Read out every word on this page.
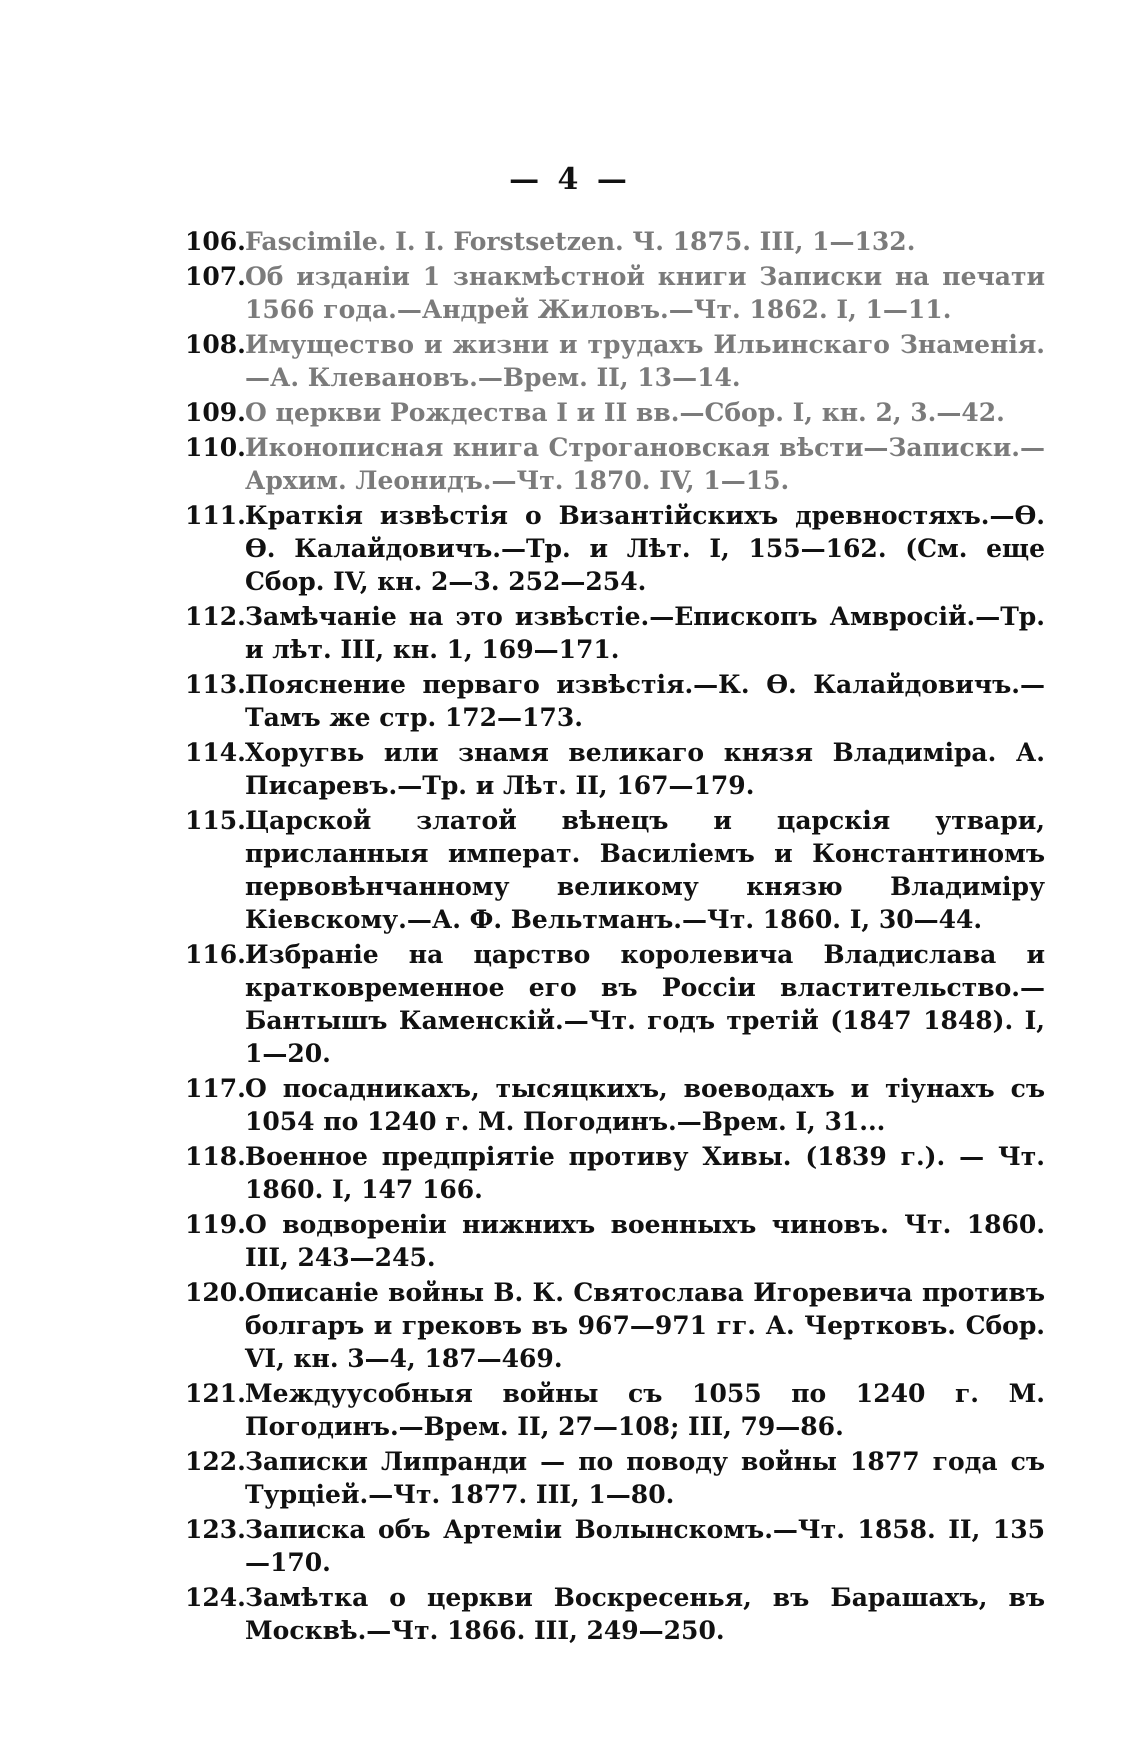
— 4 —
106. Fascimile. I. I. Forstsetzen. Ч. 1875. III, 1—132.
107. Об изданіи 1 знакмѣстной книги Записки на печати 1566 года.—Андрей Жиловъ.—Чт. 1862. I, 1—11.
108. Имущество и жизни и трудахъ Ильинскаго Знаменія.—А. Клевановъ.—Врем. II, 13—14.
109. О церкви Рождества I и II вв.—Сбор. I, кн. 2, 3.—42.
110. Иконописная книга Строгановская вѣсти—Записки.—Архим. Леонидъ.—Чт. 1870. IV, 1—15.
111. Краткія извѣстія о Византійскихъ древностяхъ.—Ѳ. Ѳ. Калайдовичъ.—Тр. и Лѣт. I, 155—162. (См. еще Сбор. IV, кн. 2—3. 252—254.
112. Замѣчаніе на это извѣстіе.—Епископъ Амвросій.—Тр. и лѣт. III, кн. 1, 169—171.
113. Пояснение перваго извѣстія.—К. Ѳ. Калайдовичъ.—Тамъ же стр. 172—173.
114. Хоругвь или знамя великаго князя Владиміра. А. Писаревъ.—Тр. и Лѣт. II, 167—179.
115. Царской златой вѣнецъ и царскія утвари, присланныя императ. Василіемъ и Константиномъ первовѣнчанному великому князю Владиміру Кіевскому.—А. Ф. Вельтманъ.—Чт. 1860. I, 30—44.
116. Избраніе на царство королевича Владислава и кратковременное его въ Россіи властительство.—Бантышъ Каменскій.—Чт. годъ третій (1847 1848). I, 1—20.
117. О посадникахъ, тысяцкихъ, воеводахъ и тіунахъ съ 1054 по 1240 г. М. Погодинъ.—Врем. I, 31...
118. Военное предпріятіе противу Хивы. (1839 г.). — Чт. 1860. I, 147 166.
119. О водвореніи нижнихъ военныхъ чиновъ. Чт. 1860. III, 243—245.
120. Описаніе войны В. К. Святослава Игоревича противъ болгаръ и грековъ въ 967—971 гг. А. Чертковъ. Сбор. VI, кн. 3—4, 187—469.
121. Междуусобныя войны съ 1055 по 1240 г. М. Погодинъ.—Врем. II, 27—108; III, 79—86.
122. Записки Липранди — по поводу войны 1877 года съ Турціей.—Чт. 1877. III, 1—80.
123. Записка объ Артеміи Волынскомъ.—Чт. 1858. II, 135—170.
124. Замѣтка о церкви Воскресенья, въ Барашахъ, въ Москвѣ.—Чт. 1866. III, 249—250.
